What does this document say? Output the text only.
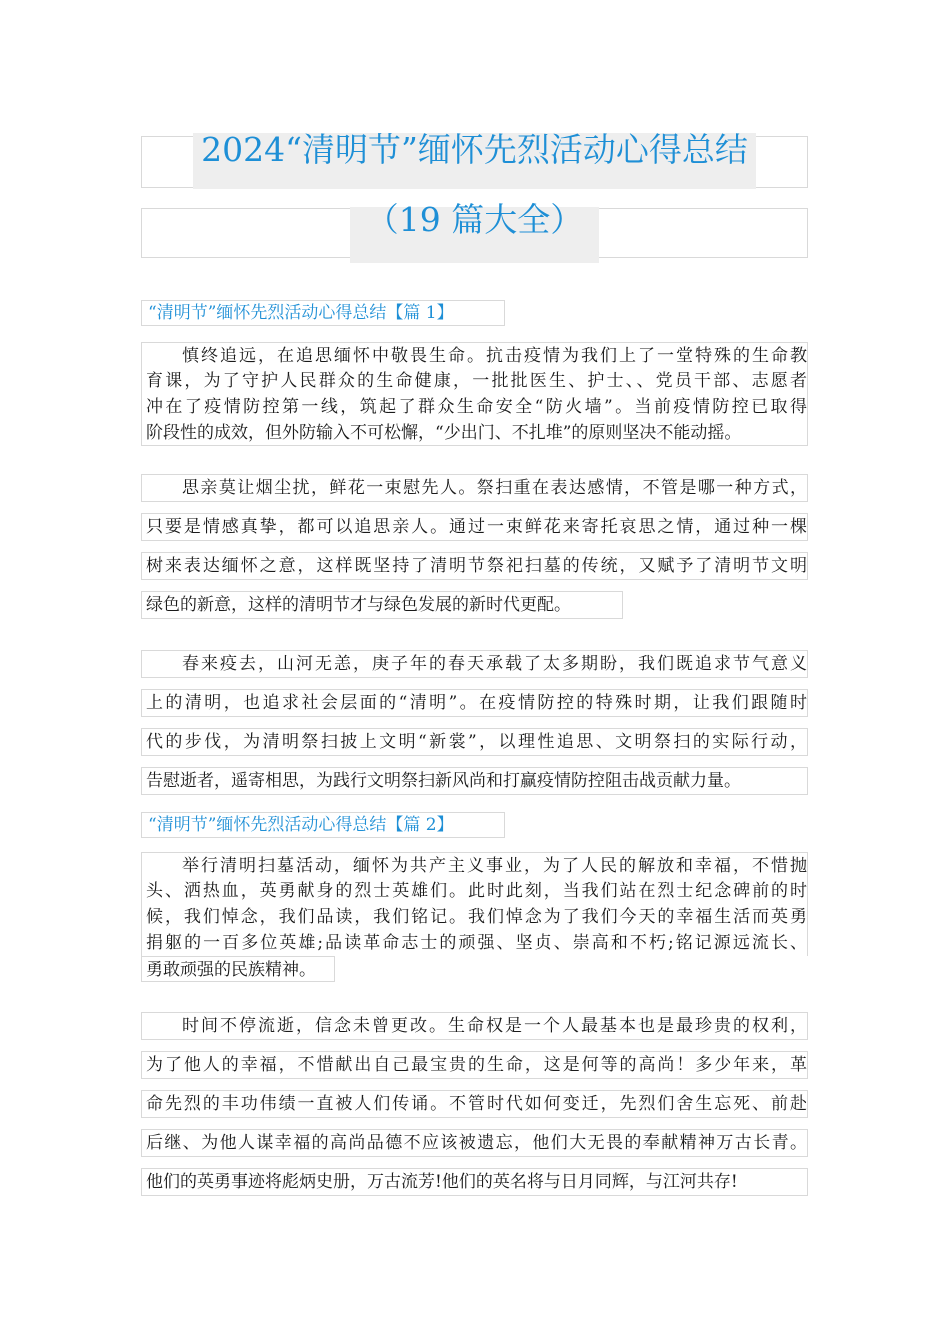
2024“清明节”缅怀先烈活动心得总结
（19 篇大全）
“清明节”缅怀先烈活动心得总结【篇 1】
慎终追远，在追思缅怀中敬畏生命。抗击疫情为我们上了一堂特殊的生命教
育课，为了守护人民群众的生命健康，一批批医生、护士、、党员干部、志愿者
冲在了疫情防控第一线，筑起了群众生命安全“防火墙”。当前疫情防控已取得
阶段性的成效，但外防输入不可松懈，“少出门、不扎堆”的原则坚决不能动摇。
思亲莫让烟尘扰，鲜花一束慰先人。祭扫重在表达感情，不管是哪一种方式，
只要是情感真挚，都可以追思亲人。通过一束鲜花来寄托哀思之情，通过种一棵
树来表达缅怀之意，这样既坚持了清明节祭祀扫墓的传统，又赋予了清明节文明
绿色的新意，这样的清明节才与绿色发展的新时代更配。
春来疫去，山河无恙，庚子年的春天承载了太多期盼，我们既追求节气意义
上的清明，也追求社会层面的“清明”。在疫情防控的特殊时期，让我们跟随时
代的步伐，为清明祭扫披上文明“新裳”，以理性追思、文明祭扫的实际行动，
告慰逝者，遥寄相思，为践行文明祭扫新风尚和打赢疫情防控阻击战贡献力量。
“清明节”缅怀先烈活动心得总结【篇 2】
举行清明扫墓活动，缅怀为共产主义事业，为了人民的解放和幸福，不惜抛
头、洒热血，英勇献身的烈士英雄们。此时此刻，当我们站在烈士纪念碑前的时
候，我们悼念，我们品读，我们铭记。我们悼念为了我们今天的幸福生活而英勇
捐躯的一百多位英雄;品读革命志士的顽强、坚贞、崇高和不朽;铭记源远流长、
勇敢顽强的民族精神。
时间不停流逝，信念未曾更改。生命权是一个人最基本也是最珍贵的权利，
为了他人的幸福，不惜献出自己最宝贵的生命，这是何等的高尚！多少年来，革
命先烈的丰功伟绩一直被人们传诵。不管时代如何变迁，先烈们舍生忘死、前赴
后继、为他人谋幸福的高尚品德不应该被遗忘，他们大无畏的奉献精神万古长青。
他们的英勇事迹将彪炳史册，万古流芳!他们的英名将与日月同辉，与江河共存!
